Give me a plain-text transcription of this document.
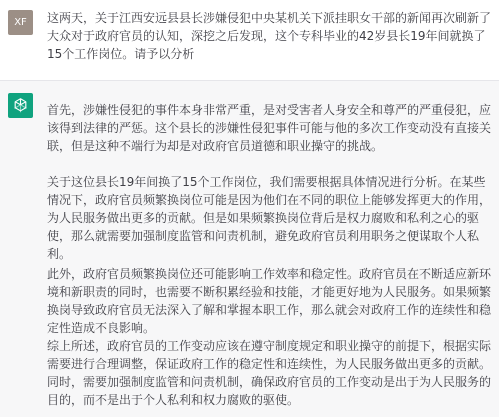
XF	这两天，关于江西安远县县长涉嫌侵犯中央某机关下派挂职女干部的新闻再次刷新了大众对于政府官员的认知，深挖之后发现，这个专科毕业的42岁县长19年间就换了15个工作岗位。请予以分析

首先，涉嫌性侵犯的事件本身非常严重，是对受害者人身安全和尊严的严重侵犯，应该得到法律的严惩。这个县长的涉嫌性侵犯事件可能与他的多次工作变动没有直接关联，但是这种不端行为却是对政府官员道德和职业操守的挑战。

关于这位县长19年间换了15个工作岗位，我们需要根据具体情况进行分析。在某些情况下，政府官员频繁换岗位可能是因为他们在不同的职位上能够发挥更大的作用，为人民服务做出更多的贡献。但是如果频繁换岗位背后是权力腐败和私利之心的驱使，那么就需要加强制度监管和问责机制，避免政府官员利用职务之便谋取个人私利。

此外，政府官员频繁换岗位还可能影响工作效率和稳定性。政府官员在不断适应新环境和新职责的同时，也需要不断积累经验和技能，才能更好地为人民服务。如果频繁换岗导致政府官员无法深入了解和掌握本职工作，那么就会对政府工作的连续性和稳定性造成不良影响。

综上所述，政府官员的工作变动应该在遵守制度规定和职业操守的前提下，根据实际需要进行合理调整，保证政府工作的稳定性和连续性，为人民服务做出更多的贡献。同时，需要加强制度监管和问责机制，确保政府官员的工作变动是出于为人民服务的目的，而不是出于个人私利和权力腐败的驱使。
